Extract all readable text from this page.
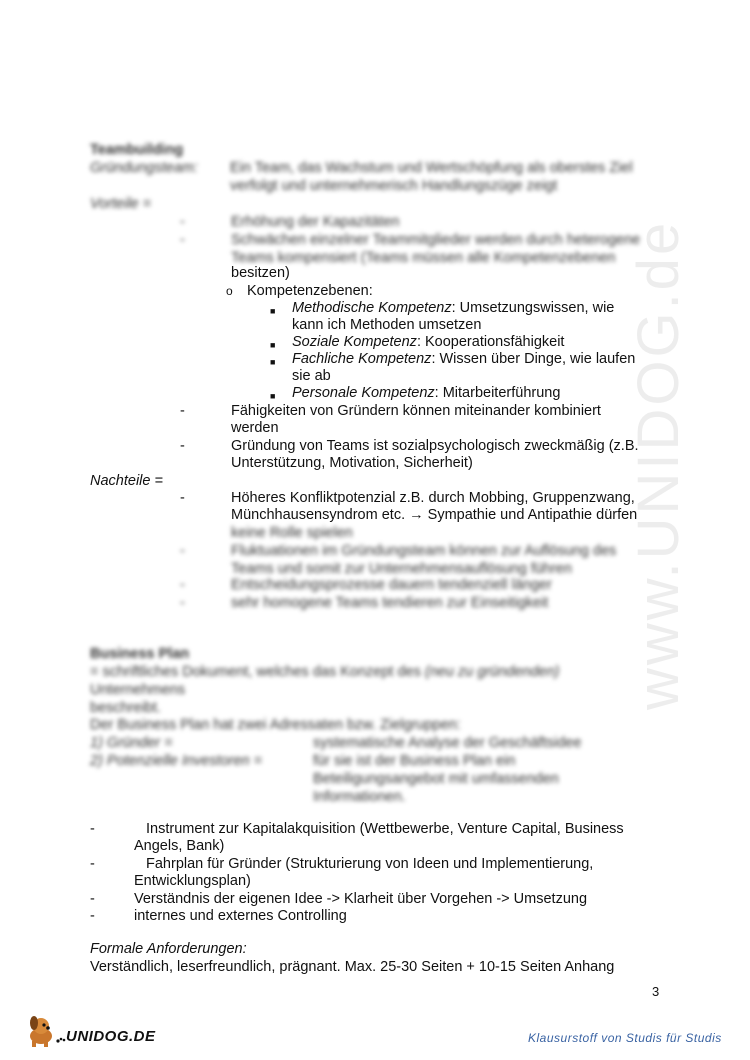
www.UNIDOG.de
Teambuilding
Gründungsteam: Ein Team, das Wachstum und Wertschöpfung als oberstes Ziel
verfolgt und unternehmerisch Handlungszüge zeigt
Vorteile =
-	Erhöhung der Kapazitäten
-	Schwächen einzelner Teammitglieder werden durch heterogene
Teams kompensiert (Teams müssen alle Kompetenzebenen
besitzen)
o Kompetenzebenen:
■ Methodische Kompetenz: Umsetzungswissen, wie
kann ich Methoden umsetzen
■ Soziale Kompetenz: Kooperationsfähigkeit
■ Fachliche Kompetenz: Wissen über Dinge, wie laufen
sie ab
■ Personale Kompetenz: Mitarbeiterführung
-	Fähigkeiten von Gründern können miteinander kombiniert
werden
-	Gründung von Teams ist sozialpsychologisch zweckmäßig (z.B.
Unterstützung, Motivation, Sicherheit)
Nachteile =
-	Höheres Konfliktpotenzial z.B. durch Mobbing, Gruppenzwang,
Münchhausensyndrom etc. → Sympathie und Antipathie dürfen
keine Rolle spielen
-	Fluktuationen im Gründungsteam können zur Auflösung des
Teams und somit zur Unternehmensauflösung führen
-	Entscheidungsprozesse dauern tendenziell länger
-	sehr homogene Teams tendieren zur Einseitigkeit
Business Plan
= schriftliches Dokument, welches das Konzept des (neu zu gründenden)
Unternehmens
beschreibt.
Der Business Plan hat zwei Adressaten bzw. Zielgruppen:
1) Gründer =	systematische Analyse der Geschäftsidee
2) Potenzielle Investoren =	für sie ist der Business Plan ein
Beteiligungsangebot mit umfassenden
Informationen.
-	Instrument zur Kapitalakquisition (Wettbewerbe, Venture Capital, Business
Angels, Bank)
-	Fahrplan für Gründer (Strukturierung von Ideen und Implementierung,
Entwicklungsplan)
-	Verständnis der eigenen Idee -> Klarheit über Vorgehen -> Umsetzung
-	internes und externes Controlling
Formale Anforderungen:
Verständlich, leserfreundlich, prägnant. Max. 25-30 Seiten + 10-15 Seiten Anhang
3
UNIDOG.DE	Klausurstoff von Studis für Studis
